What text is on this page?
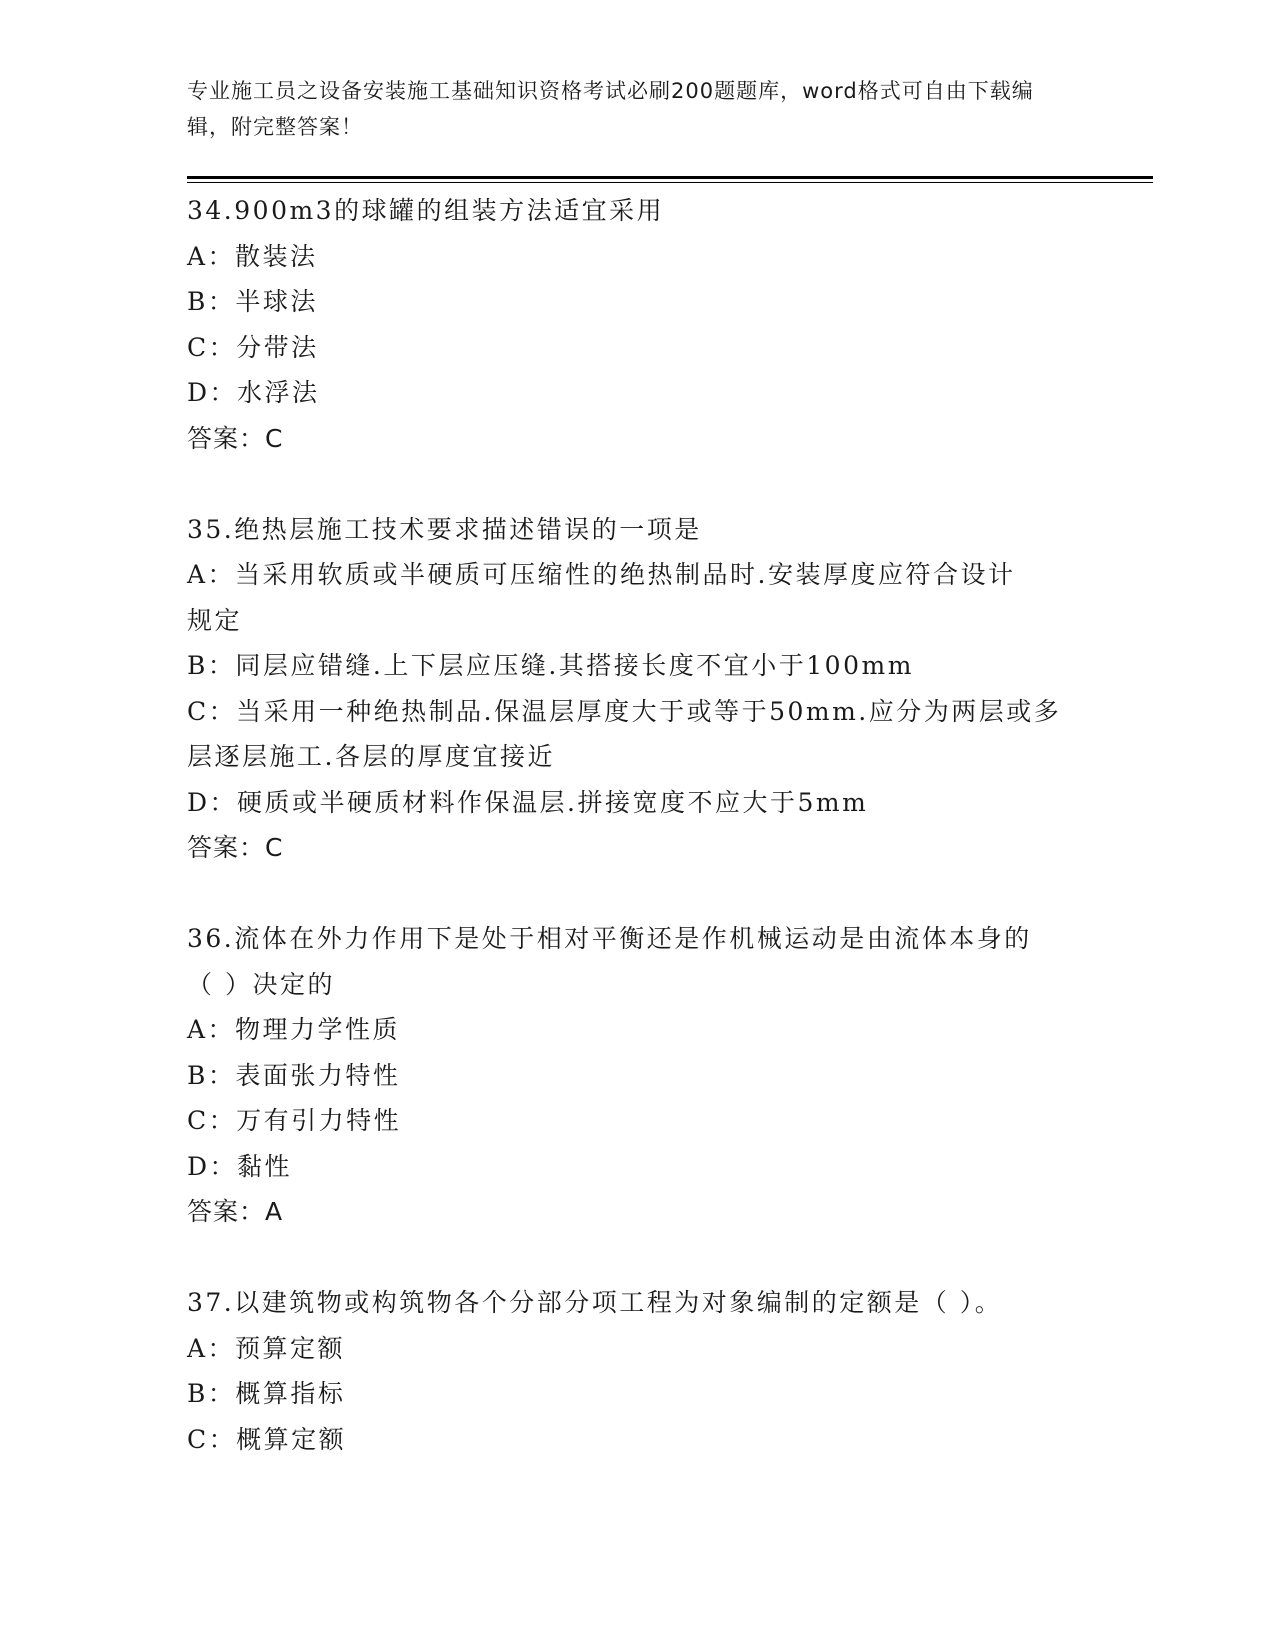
专业施工员之设备安装施工基础知识资格考试必刷200题题库，word格式可自由下载编辑，附完整答案！
34.900m3的球罐的组装方法适宜采用
A：散装法
B：半球法
C：分带法
D：水浮法
答案：C
35.绝热层施工技术要求描述错误的一项是
A：当采用软质或半硬质可压缩性的绝热制品时.安装厚度应符合设计
规定
B：同层应错缝.上下层应压缝.其搭接长度不宜小于100mm
C：当采用一种绝热制品.保温层厚度大于或等于50mm.应分为两层或多
层逐层施工.各层的厚度宜接近
D：硬质或半硬质材料作保温层.拼接宽度不应大于5mm
答案：C
36.流体在外力作用下是处于相对平衡还是作机械运动是由流体本身的
（ ）决定的
A：物理力学性质
B：表面张力特性
C：万有引力特性
D：黏性
答案：A
37.以建筑物或构筑物各个分部分项工程为对象编制的定额是（ ）。
A：预算定额
B：概算指标
C：概算定额
